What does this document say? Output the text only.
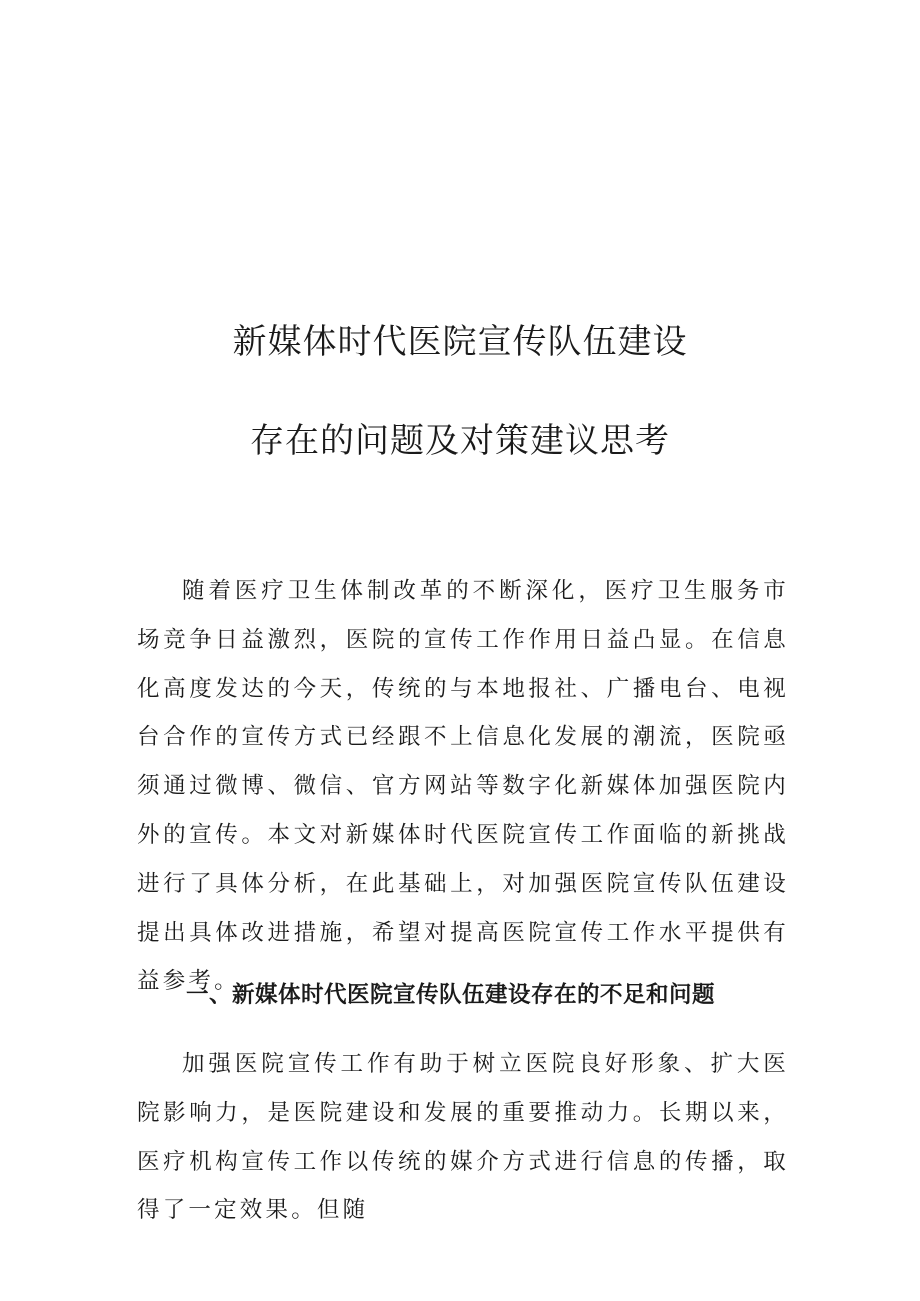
新媒体时代医院宣传队伍建设
存在的问题及对策建议思考

随着医疗卫生体制改革的不断深化，医疗卫生服务市场竞争日益激烈，医院的宣传工作作用日益凸显。在信息化高度发达的今天，传统的与本地报社、广播电台、电视台合作的宣传方式已经跟不上信息化发展的潮流，医院亟须通过微博、微信、官方网站等数字化新媒体加强医院内外的宣传。本文对新媒体时代医院宣传工作面临的新挑战进行了具体分析，在此基础上，对加强医院宣传队伍建设提出具体改进措施，希望对提高医院宣传工作水平提供有益参考。

一、新媒体时代医院宣传队伍建设存在的不足和问题

加强医院宣传工作有助于树立医院良好形象、扩大医院影响力，是医院建设和发展的重要推动力。长期以来，医疗机构宣传工作以传统的媒介方式进行信息的传播，取得了一定效果。但随
